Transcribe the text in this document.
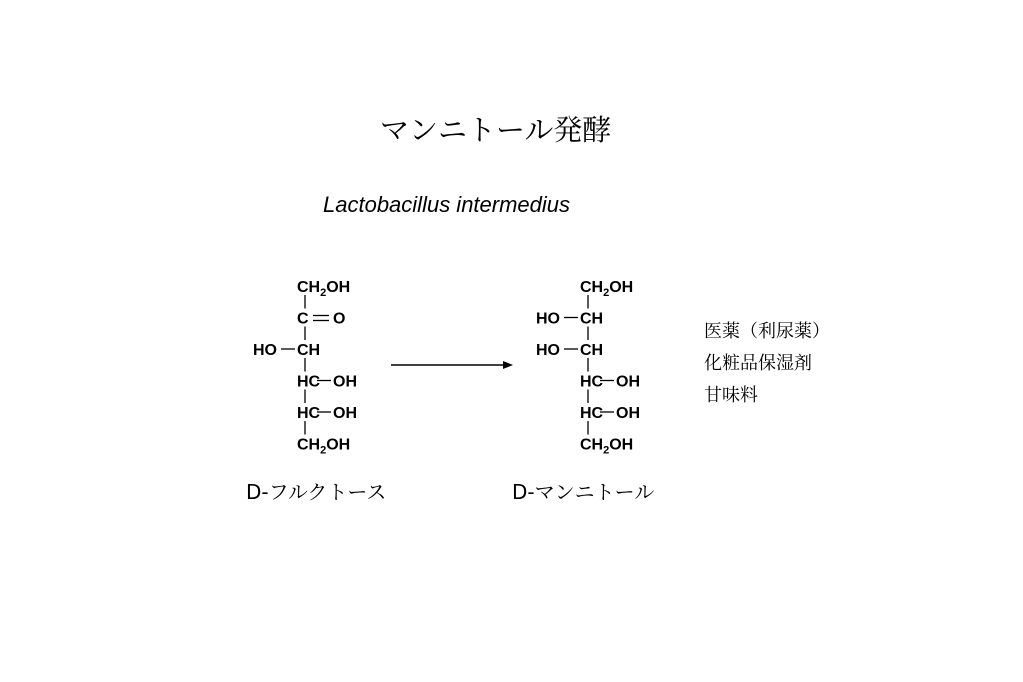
マンニトール発酵
Lactobacillus intermedius
$CH_2OH$
C O
CH
HO
HC OH
HC OH
$CH_2OH$
$CH_2OH$
CH
HO
CH
HO
HC OH
HC OH
$CH_2OH$
D-フルクトース	D-マンニトール
医薬（利尿薬）
化粧品保湿剤
甘味料
